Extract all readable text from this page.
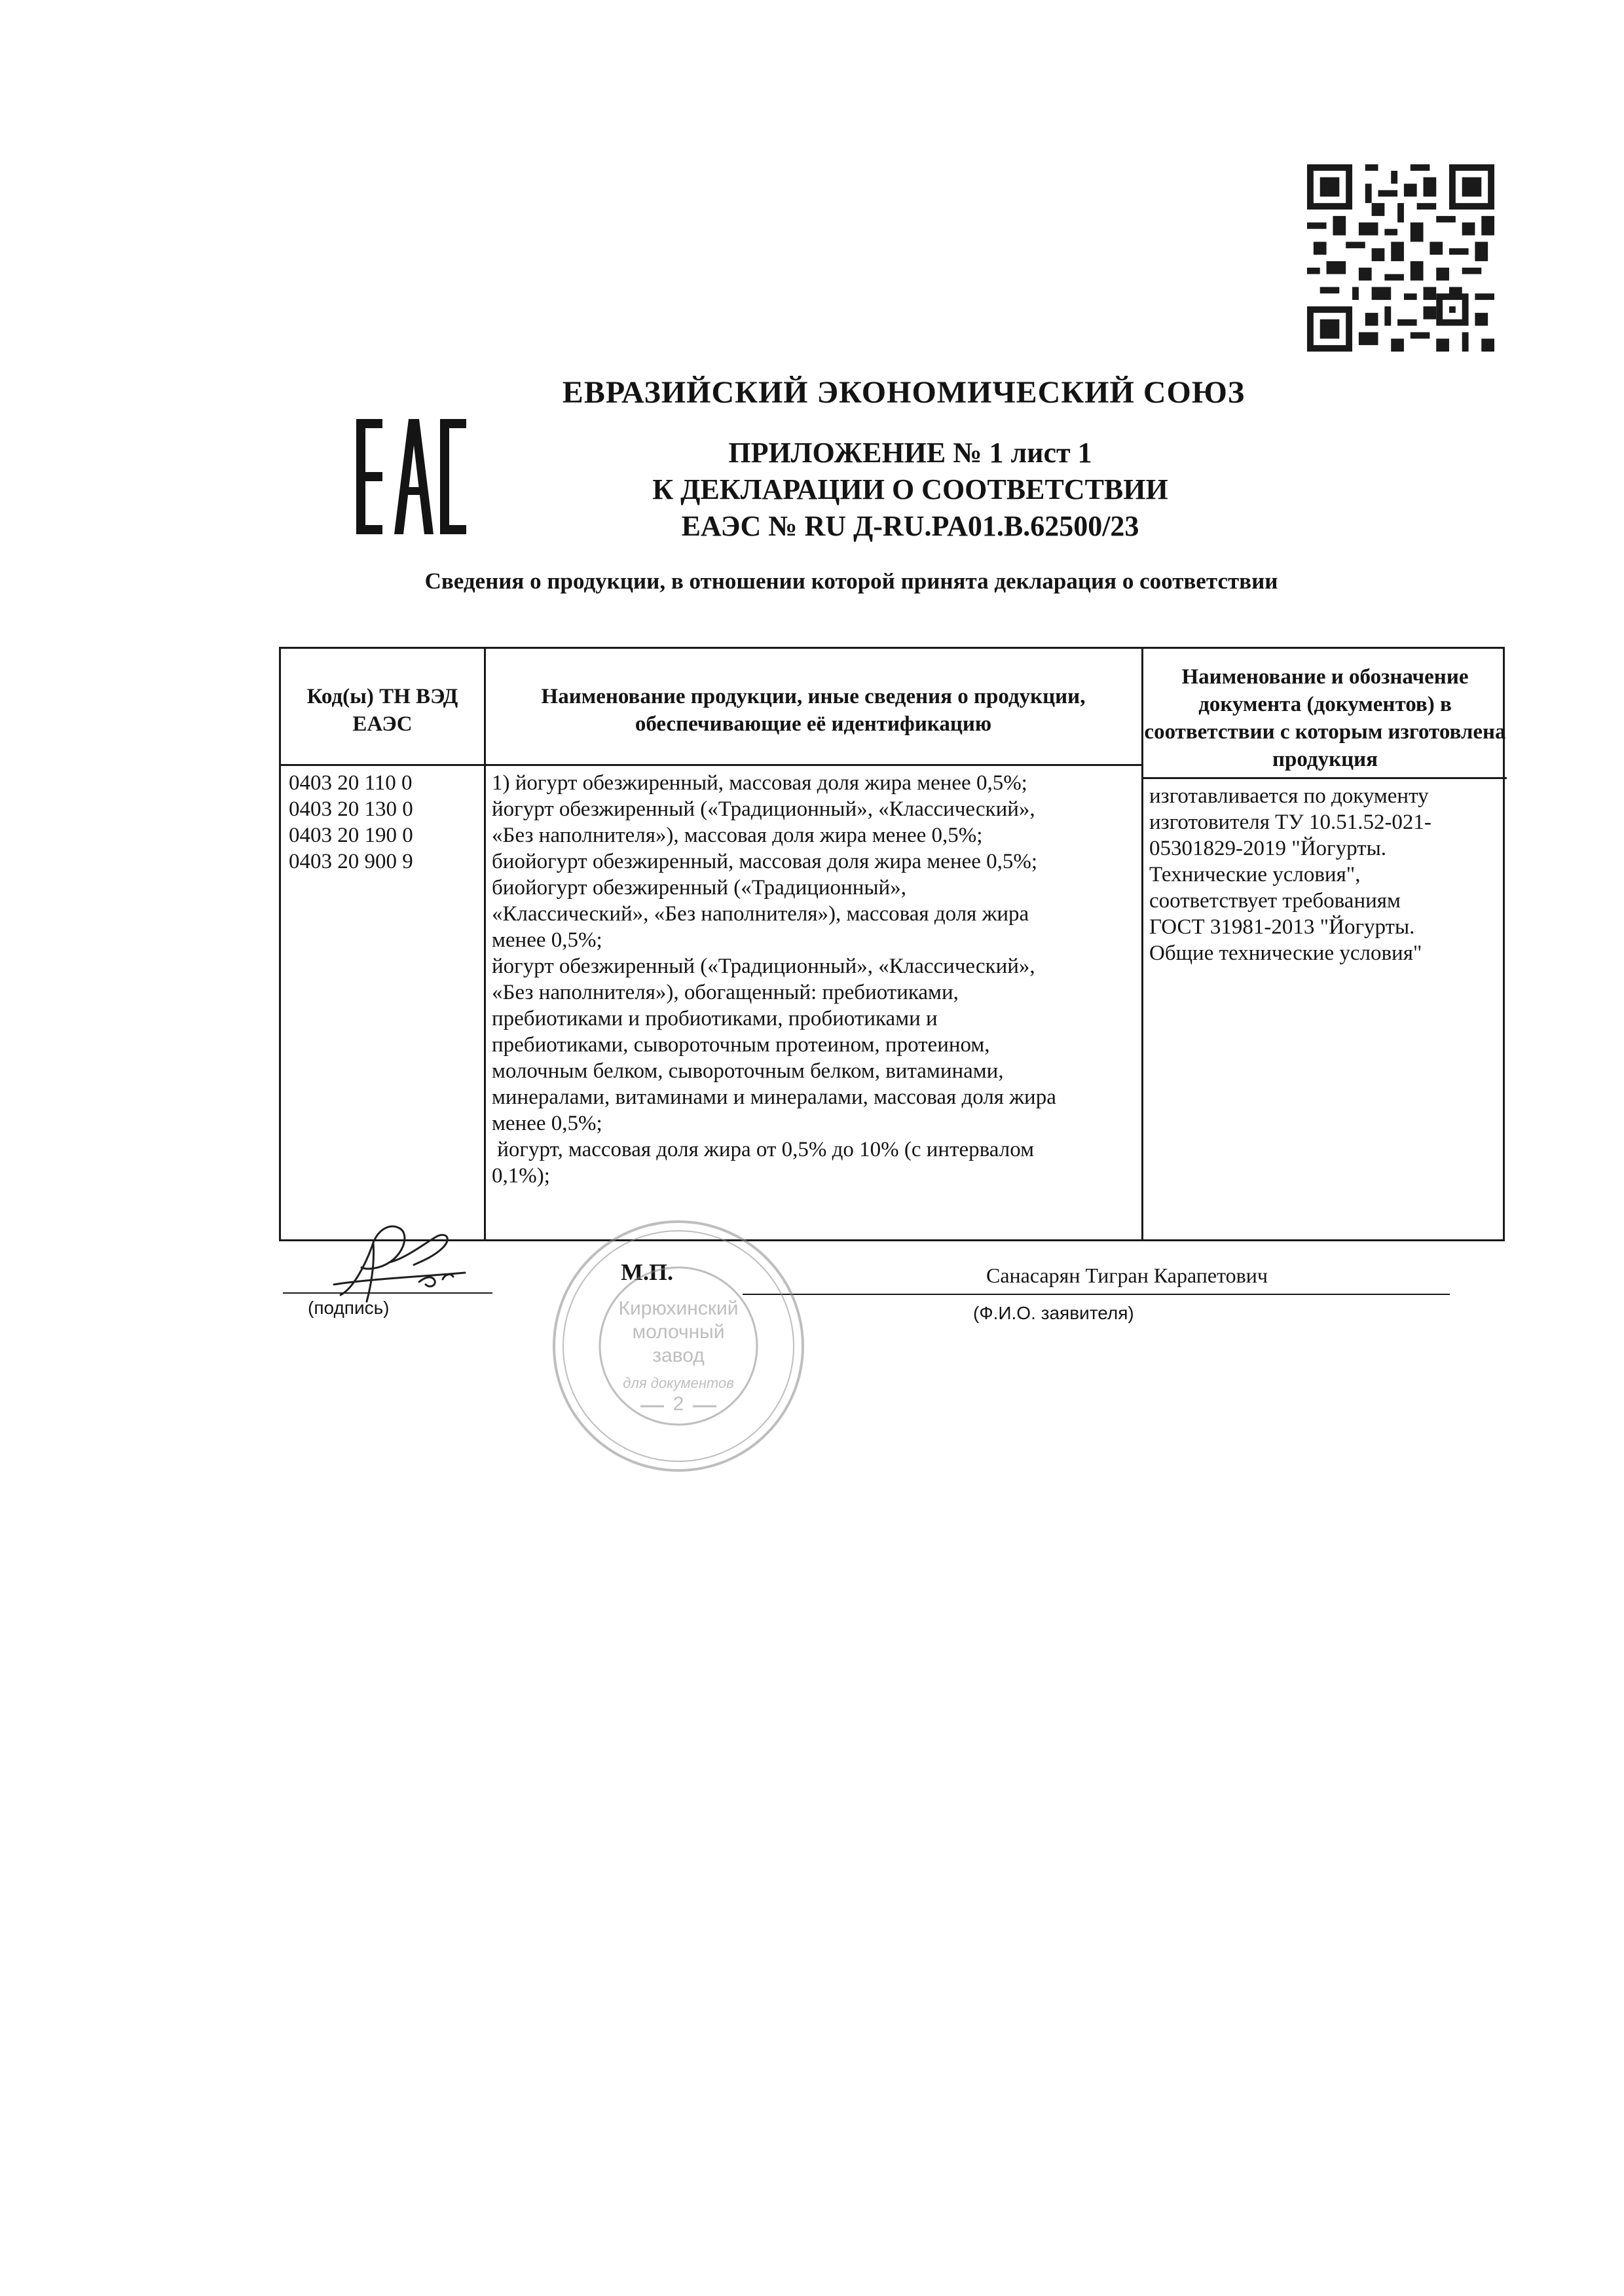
ЕВРАЗИЙСКИЙ ЭКОНОМИЧЕСКИЙ СОЮЗ
ПРИЛОЖЕНИЕ № 1 лист 1
К ДЕКЛАРАЦИИ О СООТВЕТСТВИИ
ЕАЭС № RU Д-RU.PA01.B.62500/23
Сведения о продукции, в отношении которой принята декларация о соответствии
Код(ы) ТН ВЭД ЕАЭС
Наименование продукции, иные сведения о продукции, обеспечивающие её идентификацию
Наименование и обозначение документа (документов) в соответствии с которым изготовлена продукция
0403 20 110 0
0403 20 130 0
0403 20 190 0
0403 20 900 9
1) йогурт обезжиренный, массовая доля жира менее 0,5%;
йогурт обезжиренный («Традиционный», «Классический»,
«Без наполнителя»), массовая доля жира менее 0,5%;
биойогурт обезжиренный, массовая доля жира менее 0,5%;
биойогурт обезжиренный («Традиционный»,
«Классический», «Без наполнителя»), массовая доля жира
менее 0,5%;
йогурт обезжиренный («Традиционный», «Классический»,
«Без наполнителя»), обогащенный: пребиотиками,
пребиотиками и пробиотиками, пробиотиками и
пребиотиками, сывороточным протеином, протеином,
молочным белком, сывороточным белком, витаминами,
минералами, витаминами и минералами, массовая доля жира
менее 0,5%;
йогурт, массовая доля жира от 0,5% до 10% (с интервалом
0,1%);
изготавливается по документу
изготовителя ТУ 10.51.52-021-
05301829-2019 "Йогурты.
Технические условия",
соответствует требованиям
ГОСТ 31981-2013 "Йогурты.
Общие технические условия"
(подпись)
М.П.	Санасарян Тигран Карапетович
(Ф.И.О. заявителя)
Кирюхинский
молочный
завод
для документов
2
